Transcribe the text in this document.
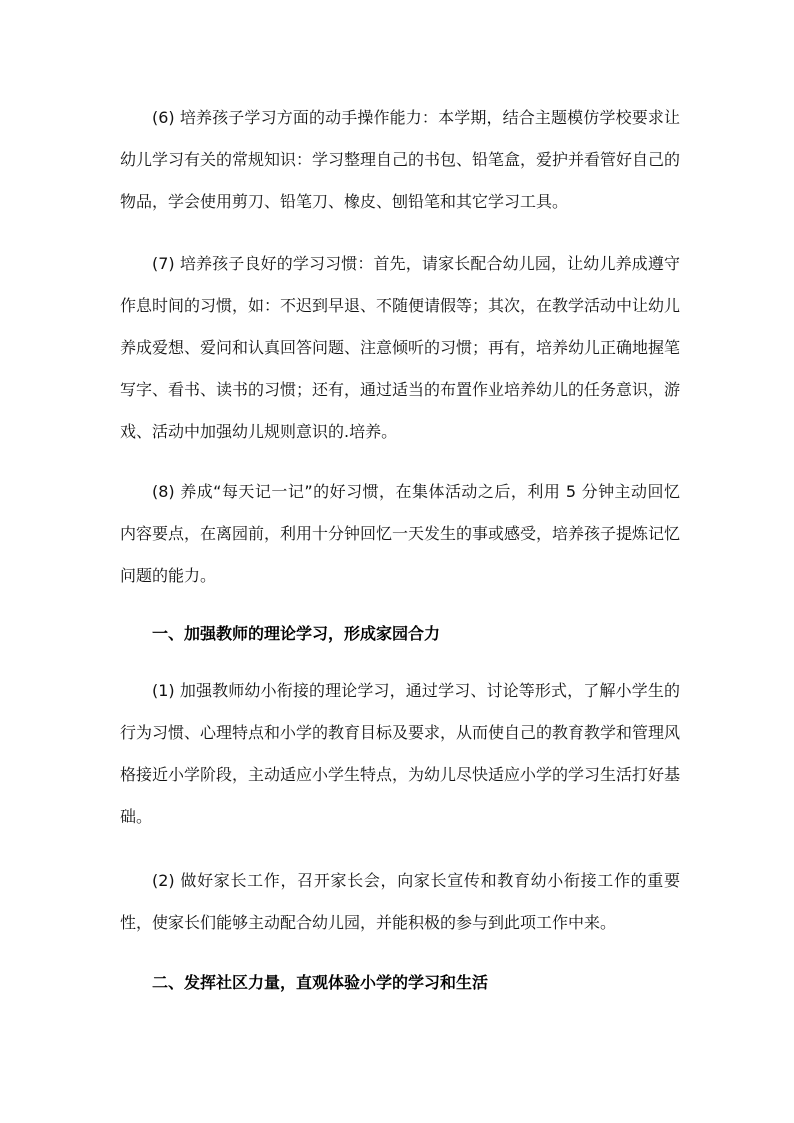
(6) 培养孩子学习方面的动手操作能力：本学期，结合主题模仿学校要求让幼儿学习有关的常规知识：学习整理自己的书包、铅笔盒，爱护并看管好自己的物品，学会使用剪刀、铅笔刀、橡皮、刨铅笔和其它学习工具。

(7) 培养孩子良好的学习习惯：首先，请家长配合幼儿园，让幼儿养成遵守作息时间的习惯，如：不迟到早退、不随便请假等；其次，在教学活动中让幼儿养成爱想、爱问和认真回答问题、注意倾听的习惯；再有，培养幼儿正确地握笔写字、看书、读书的习惯；还有，通过适当的布置作业培养幼儿的任务意识，游戏、活动中加强幼儿规则意识的.培养。

(8) 养成“每天记一记”的好习惯，在集体活动之后，利用 5 分钟主动回忆内容要点，在离园前，利用十分钟回忆一天发生的事或感受，培养孩子提炼记忆问题的能力。

一、加强教师的理论学习，形成家园合力

(1) 加强教师幼小衔接的理论学习，通过学习、讨论等形式，了解小学生的行为习惯、心理特点和小学的教育目标及要求，从而使自己的教育教学和管理风格接近小学阶段，主动适应小学生特点，为幼儿尽快适应小学的学习生活打好基础。

(2) 做好家长工作，召开家长会，向家长宣传和教育幼小衔接工作的重要性，使家长们能够主动配合幼儿园，并能积极的参与到此项工作中来。

二、发挥社区力量，直观体验小学的学习和生活
